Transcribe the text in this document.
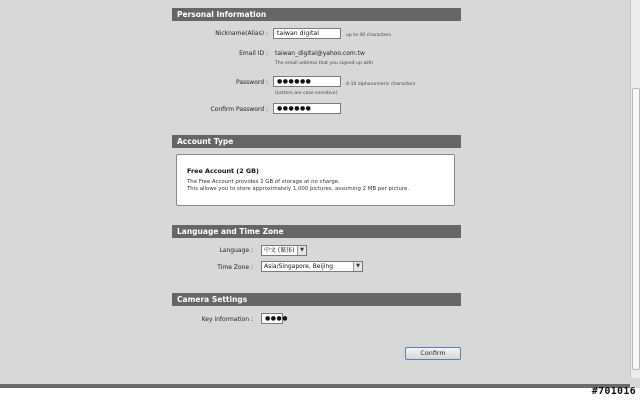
Personal Information
Nickname(Alias) :	taiwan digital	up to 40 characters
Email ID : taiwan_digital@yahoo.com.tw
The email address that you signed up with
Password :	●●●●●●	4-10 alphanumeric characters
(Letters are case sensitive)
Confirm Password :	●●●●●●
Account Type
Free Account (2 GB)
The Free Account provides 2 GB of storage at no charge.
This allows you to store approximately 1,000 pictures, assuming 2 MB per picture.
Language and Time Zone
Language :	中文 (繁体)	▼
Time Zone :	Asia/Singapore, Beijing	▼
Camera Settings
Key information :	●●●●
Confirm
#701016
